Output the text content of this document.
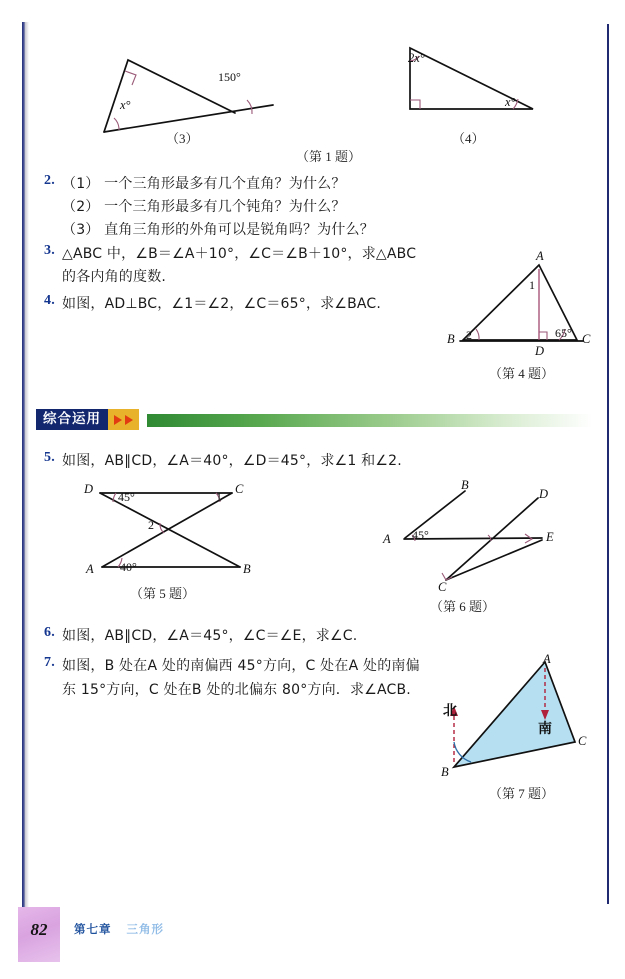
x°
150°
（3）
2x°
x°
（4）
（第 1 题）
2. （1） 一个三角形最多有几个直角？为什么？
（2） 一个三角形最多有几个钝角？为什么？
（3） 直角三角形的外角可以是锐角吗？为什么？
3. △ABC 中，∠B＝∠A＋10°，∠C＝∠B＋10°，求△ABC
的各内角的度数.
4. 如图，AD⊥BC，∠1＝∠2，∠C＝65°，求∠BAC.
A
B	C
D
1
2	65°
（第 4 题）
综合运用
5. 如图，AB∥CD，∠A＝40°，∠D＝45°，求∠1 和∠2.
D	C
A	B
45°	1
2
40°
（第 5 题）
B
D
A	E
C
45°
（第 6 题）
6. 如图，AB∥CD，∠A＝45°，∠C＝∠E，求∠C.
7. 如图，B 处在A 处的南偏西 45°方向，C 处在A 处的南偏
东 15°方向，C 处在B 处的北偏东 80°方向．求∠ACB.
A
B
C
北
南
（第 7 题）
82	第七章 三角形
